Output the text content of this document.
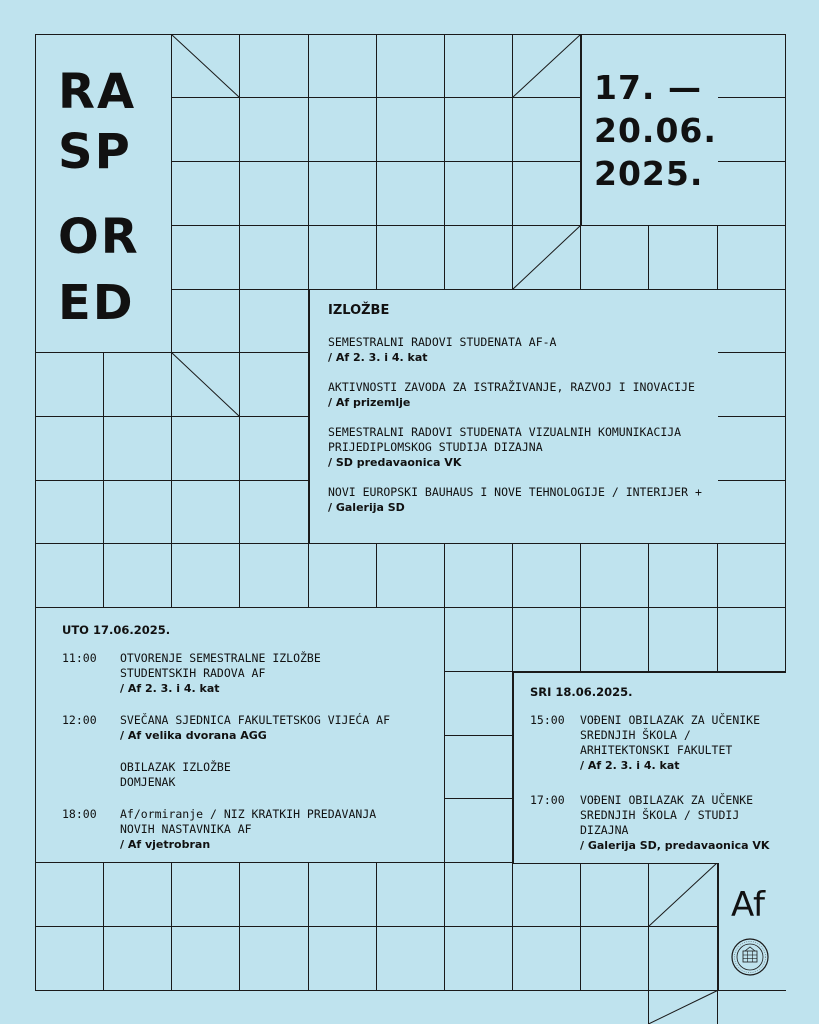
RA
SP
OR
ED
17. —
20.06.
2025.
IZLOŽBE
SEMESTRALNI RADOVI STUDENATA AF-A
/ Af 2. 3. i 4. kat
AKTIVNOSTI ZAVODA ZA ISTRAŽIVANJE, RAZVOJ I INOVACIJE
/ Af prizemlje
SEMESTRALNI RADOVI STUDENATA VIZUALNIH KOMUNIKACIJA PRIJEDIPLOMSKOG STUDIJA DIZAJNA
/ SD predavaonica VK
NOVI EUROPSKI BAUHAUS I NOVE TEHNOLOGIJE / INTERIJER +
/ Galerija SD
UTO 17.06.2025.
11:00	OTVORENJE SEMESTRALNE IZLOŽBE STUDENTSKIH RADOVA AF
/ Af 2. 3. i 4. kat
12:00	SVEČANA SJEDNICA FAKULTETSKOG VIJEĆA AF
/ Af velika dvorana AGG
OBILAZAK IZLOŽBE DOMJENAK
18:00	Af/ormiranje / NIZ KRATKIH PREDAVANJA NOVIH NASTAVNIKA AF
/ Af vjetrobran
SRI 18.06.2025.
15:00	VOĐENI OBILAZAK ZA UČENIKE SREDNJIH ŠKOLA / ARHITEKTONSKI FAKULTET
/ Af 2. 3. i 4. kat
17:00	VOĐENI OBILAZAK ZA UČENKE SREDNJIH ŠKOLA / STUDIJ DIZAJNA
/ Galerija SD, predavaonica VK
Af
